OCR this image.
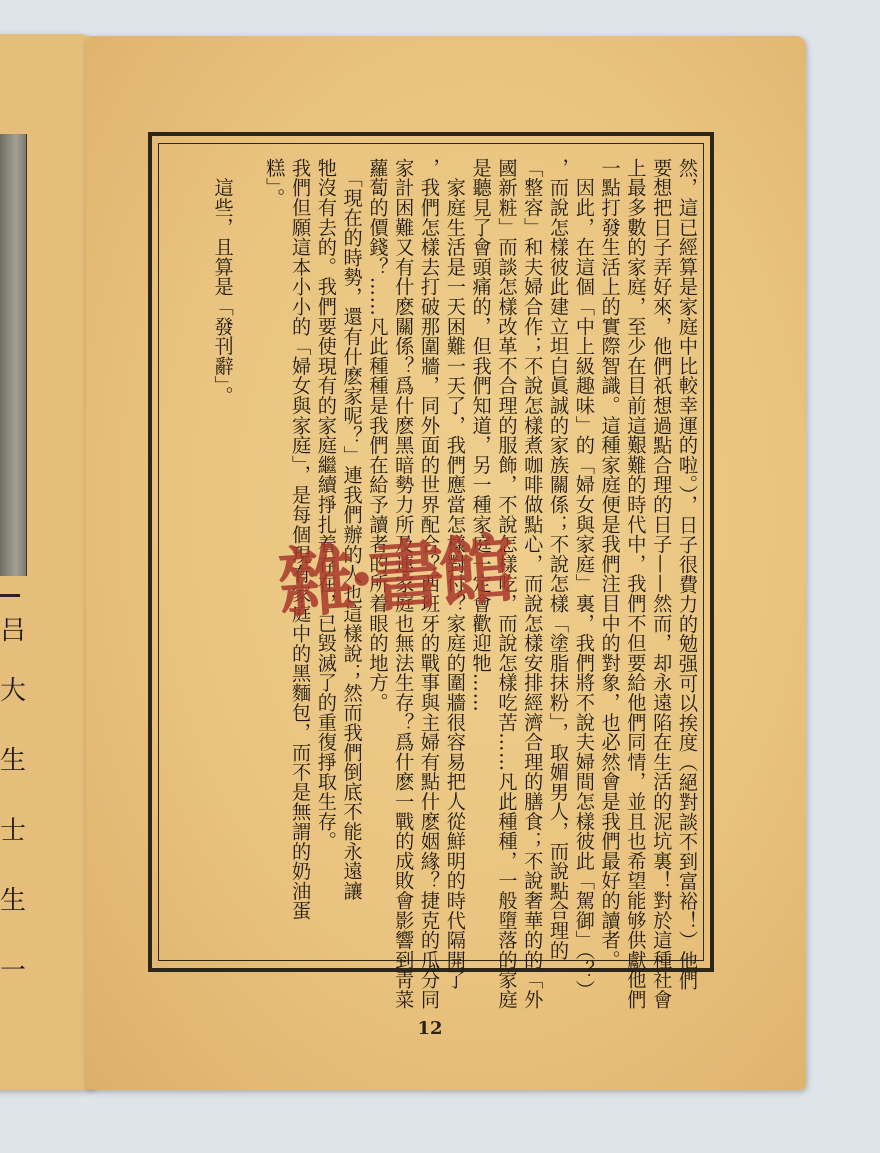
吕
大
生
士
生
一	然，這已經算是家庭中比較幸運的啦。），日子很費力的勉强可以挨度（絕對談不到富裕！）他們
要想把日子弄好來，他們祇想過點合理的日子——然而，却永遠陷在生活的泥坑裏！對於這種社會
上最多數的家庭，至少在目前這艱難的時代中，我們不但要給他們同情，並且也希望能够供獻他們
一點打發生活上的實際智識。這種家庭便是我們注目中的對象，也必然會是我們最好的讀者。
　因此，在這個「中上級趣味」的「婦女與家庭」裏，我們將不說夫婦間怎樣彼此「駕御」（？）
，而說怎樣彼此建立坦白眞誠的家族關係；不說怎樣「塗脂抹粉」，取媚男人，而說點合理的
「整容」和夫婦合作；不說怎樣煮咖啡做點心，而說怎樣安排經濟合理的膳食；不說奢華的的「外
國新粧」而談怎樣改革不合理的服飾，不說怎樣吃，而說怎樣吃苦……凡此種種，一般墮落的家庭
是聽見了會頭痛的，但我們知道，另一種家庭一定會歡迎牠……
　家庭生活是一天困難一天了，我們應當怎樣對付？家庭的圍牆很容易把人從鮮明的時代隔開了
，我們怎樣去打破那圍牆，同外面的世界配合？西班牙的戰事與主婦有點什麽姻緣？捷克的瓜分同
家計困難又有什麽關係？爲什麽黑暗勢力所及連家庭也無法生存？爲什麽一戰的成敗會影響到靑菜
蘿蔔的價錢？……凡此種種是我們在給予讀者的所着眼的地方。
　「現在的時勢，還有什麽家呢？」連我們辦的人也這樣說；然而我們倒底不能永遠讓
牠沒有去的。我們要使現有的家庭繼續掙扎着存在，已毀滅了的重復掙取生存。
我們但願這本小小的「婦女與家庭」，是每個現有家庭中的黑麵包，而不是無謂的奶油蛋
糕」。
　這些，且算是「發刊辭」。
雜·書館
12
